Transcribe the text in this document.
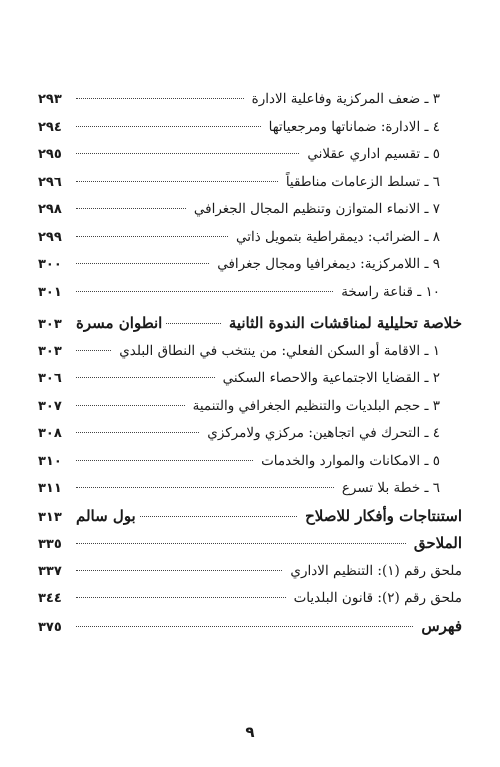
٣ ـ ضعف المركزية وفاعلية الادارة
٢٩٣
٤ ـ الادارة: ضماناتها ومرجعياتها
٢٩٤
٥ ـ تقسيم اداري عقلاني
٢٩٥
٦ ـ تسلط الزعامات مناطقياً
٢٩٦
٧ ـ الانماء المتوازن وتنظيم المجال الجغرافي
٢٩٨
٨ ـ الضرائب: ديمقراطية بتمويل ذاتي
٢٩٩
٩ ـ اللامركزية: ديمغرافيا ومجال جغرافي
٣٠٠
١٠ ـ قناعة راسخة
٣٠١
خلاصة تحليلية لمناقشات الندوة الثانية
انطوان مسرة
٣٠٣
١ ـ الاقامة أو السكن الفعلي: من ينتخب في النطاق البلدي
٣٠٣
٢ ـ القضايا الاجتماعية والاحصاء السكني
٣٠٦
٣ ـ حجم البلديات والتنظيم الجغرافي والتنمية
٣٠٧
٤ ـ التحرك في اتجاهين: مركزي ولامركزي
٣٠٨
٥ ـ الامكانات والموارد والخدمات
٣١٠
٦ ـ خطة بلا تسرع
٣١١
استنتاجات وأفكار للاصلاح
بول سالم
٣١٣
الملاحق
٣٣٥
ملحق رقم (١): التنظيم الاداري
٣٣٧
ملحق رقم (٢): قانون البلديات
٣٤٤
فهرس
٣٧٥
٩
